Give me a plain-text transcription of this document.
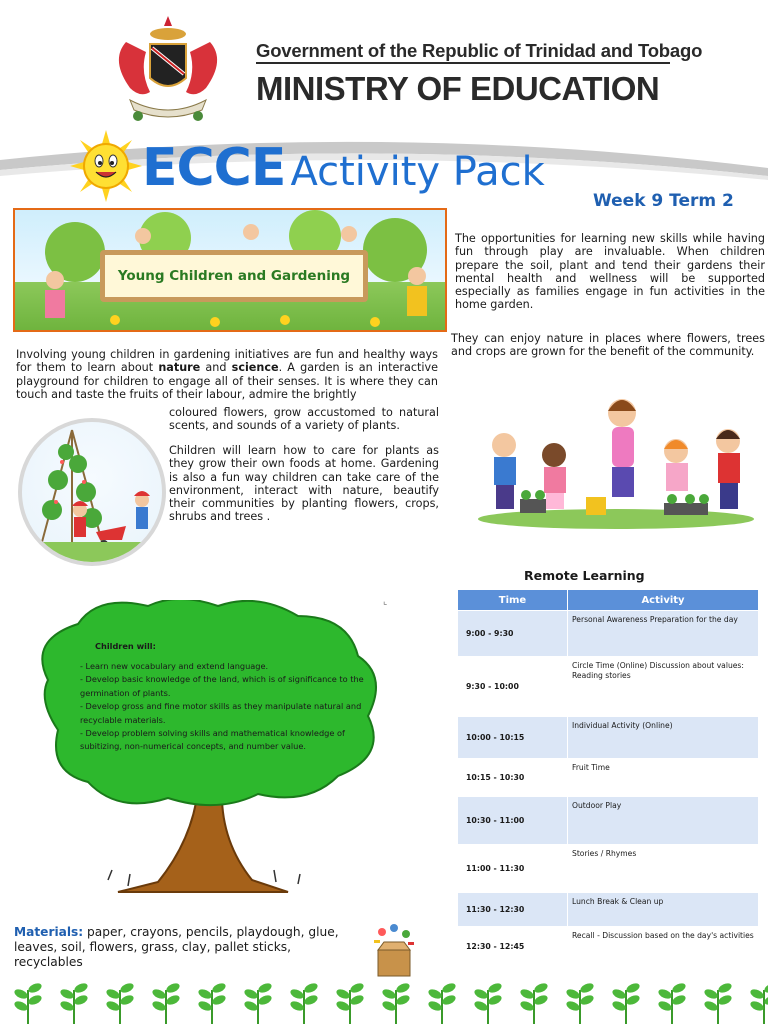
Government of the Republic of Trinidad and Tobago
MINISTRY OF EDUCATION
ECCE Activity Pack
Week 9 Term 2
Young Children and Gardening
The opportunities for learning new skills while having fun through play are invaluable. When children prepare the soil, plant and tend their gardens their mental health and wellness will be supported especially as families engage in fun activities in the home garden.
They can enjoy nature in places where flowers, trees and crops are grown for the benefit of the community.
Involving young children in gardening initiatives are fun and healthy ways for them to learn about nature and science. A garden is an interactive playground for children to engage all of their senses. It is where they can touch and taste the fruits of their labour, admire the brightly
coloured flowers, grow accustomed to natural scents, and sounds of a variety of plants.
Children will learn how to care for plants as they grow their own foods at home. Gardening is also a fun way children can take care of the environment, interact with nature, beautify their communities by planting flowers, crops, shrubs and trees .
Children will:
- Learn new vocabulary and extend language.
- Develop basic knowledge of the land, which is of significance to the germination of plants.
- Develop gross and fine motor skills as they manipulate natural and recyclable materials.
- Develop problem solving skills and mathematical knowledge of subitizing, non-numerical concepts, and number value.
⌞
Materials: paper, crayons, pencils, playdough, glue, leaves, soil, flowers, grass, clay, pallet sticks, recyclables
Remote Learning
Time	Activity
9:00 - 9:30	Personal Awareness Preparation for the day
9:30 - 10:00	Circle Time (Online) Discussion about values: Reading stories
10:00 - 10:15	Individual Activity (Online)
10:15 - 10:30	Fruit Time
10:30 - 11:00	Outdoor Play
11:00 - 11:30	Stories / Rhymes
11:30 - 12:30	Lunch Break & Clean up
12:30 - 12:45	Recall - Discussion based on the day's activities
